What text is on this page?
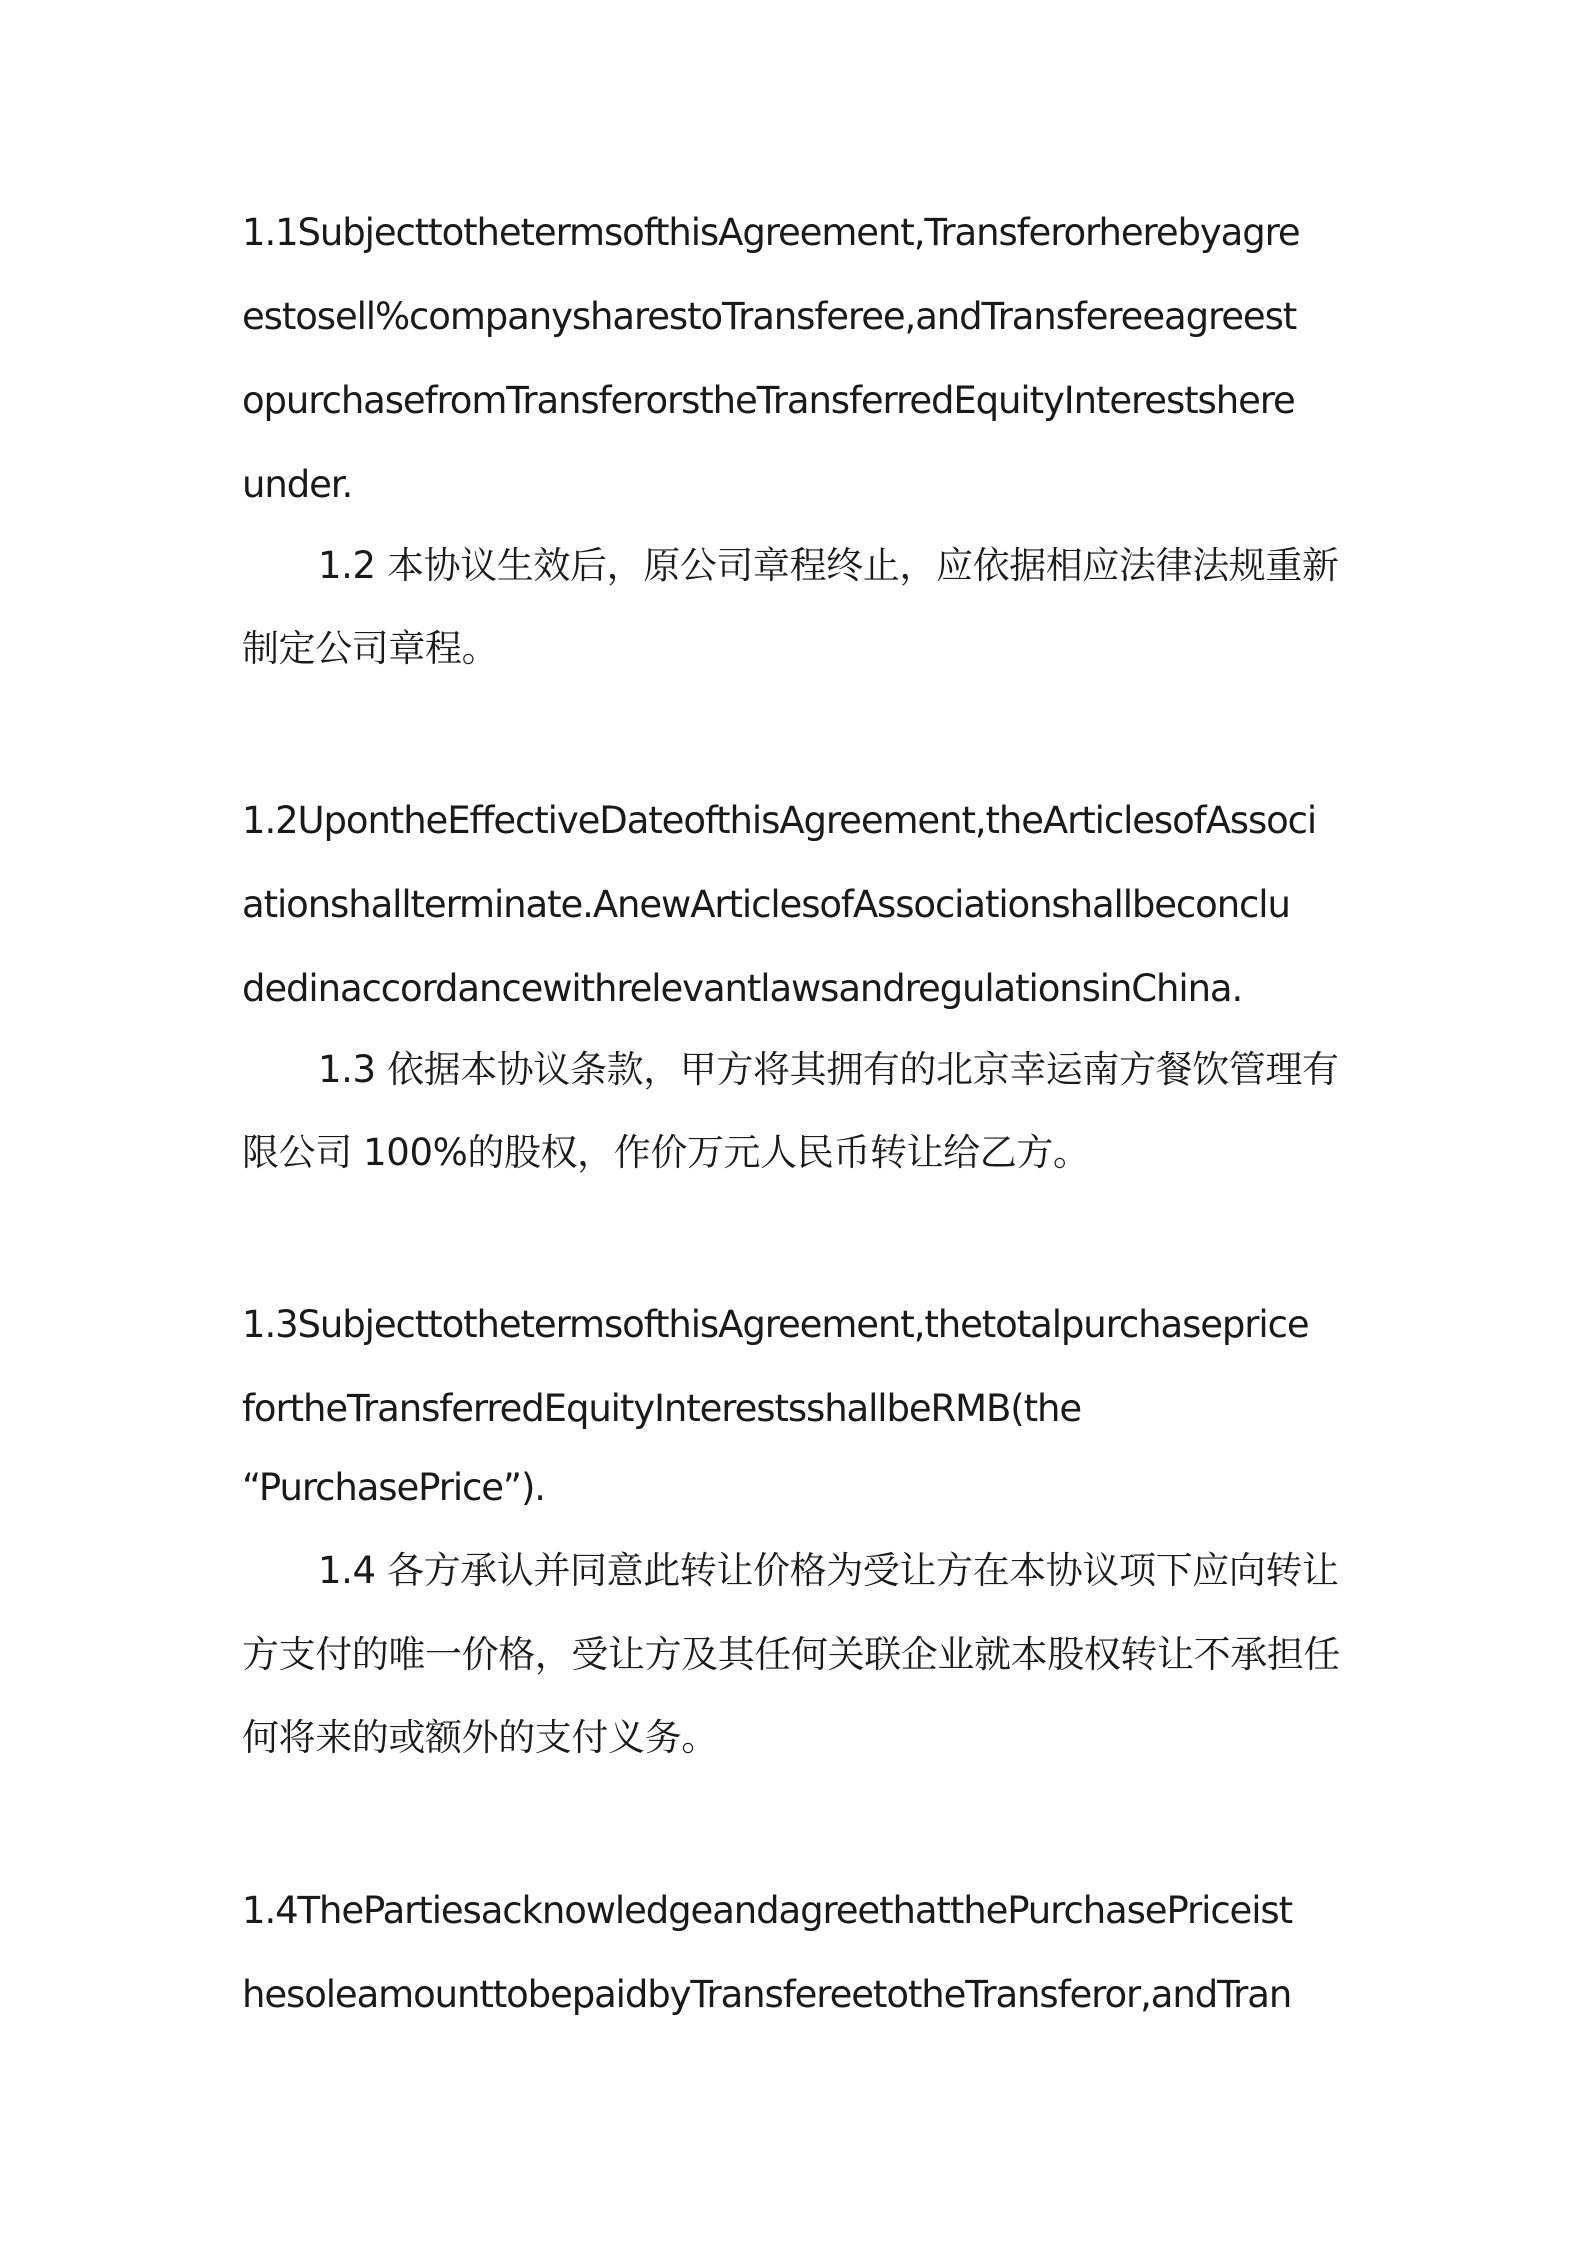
1.1SubjecttothetermsofthisAgreement,Transferorherebyagre
estosell%companysharestoTransferee,andTransfereeagreest
opurchasefromTransferorstheTransferredEquityInterestshere
under.
1.2 本协议生效后，原公司章程终止，应依据相应法律法规重新
制定公司章程。
1.2UpontheEffectiveDateofthisAgreement,theArticlesofAssoci
ationshallterminate.AnewArticlesofAssociationshallbeconclu
dedinaccordancewithrelevantlawsandregulationsinChina.
1.3 依据本协议条款，甲方将其拥有的北京幸运南方餐饮管理有
限公司 100%的股权，作价万元人民币转让给乙方。
1.3SubjecttothetermsofthisAgreement,thetotalpurchaseprice
fortheTransferredEquityInterestsshallbeRMB(the
“PurchasePrice”).
1.4 各方承认并同意此转让价格为受让方在本协议项下应向转让
方支付的唯一价格，受让方及其任何关联企业就本股权转让不承担任
何将来的或额外的支付义务。
1.4ThePartiesacknowledgeandagreethatthePurchasePriceist
hesoleamounttobepaidbyTransfereetotheTransferor,andTran
